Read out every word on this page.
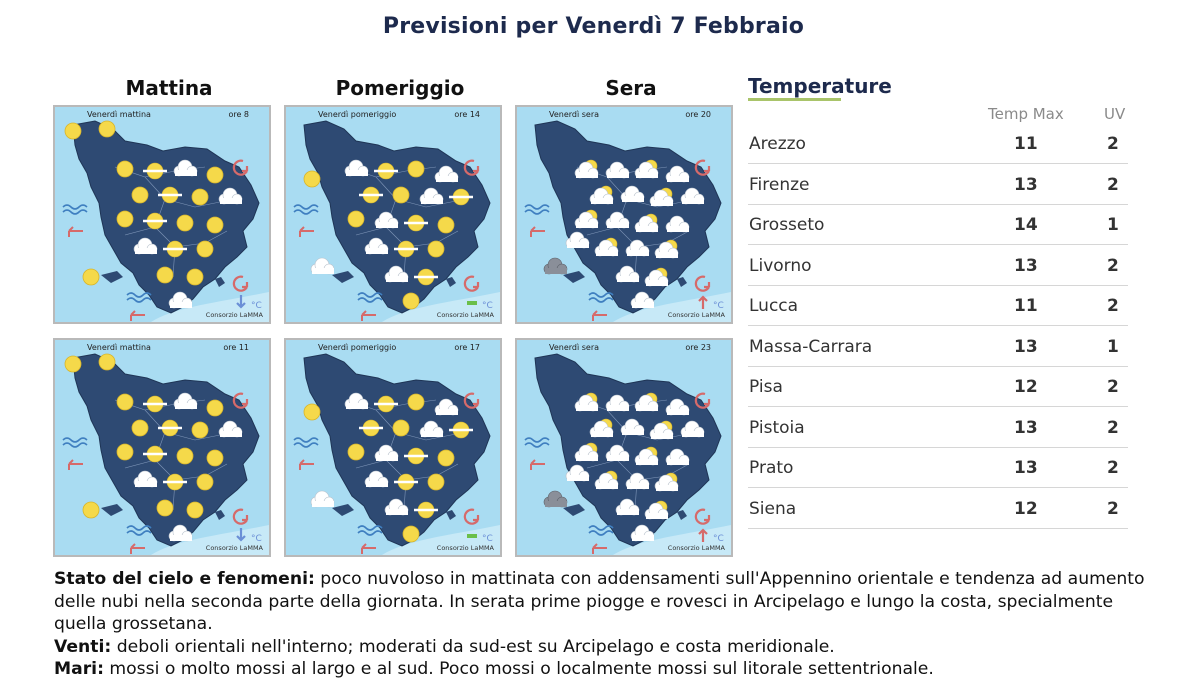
Previsioni per Venerdì 7 Febbraio
Mattina	Pomeriggio	Sera
°C
Venerdì mattina	ore 8
Consorzio LaMMA
°C
Venerdì pomeriggio	ore 14
Consorzio LaMMA
°C
Venerdì sera	ore 20
Consorzio LaMMA
°C
Venerdì mattina	ore 11
Consorzio LaMMA
°C
Venerdì pomeriggio	ore 17
Consorzio LaMMA
°C
Venerdì sera	ore 23
Consorzio LaMMA
Temperature
Temp Max	UV
Arezzo	11	2
Firenze	13	2
Grosseto	14	1
Livorno	13	2
Lucca	11	2
Massa-Carrara	13	1
Pisa	12	2
Pistoia	13	2
Prato	13	2
Siena	12	2

Stato del cielo e fenomeni: poco nuvoloso in mattinata con addensamenti sull'Appennino orientale e tendenza ad aumento delle nubi nella seconda parte della giornata. In serata prime piogge e rovesci in Arcipelago e lungo la costa, specialmente quella grossetana.

Venti: deboli orientali nell'interno; moderati da sud-est su Arcipelago e costa meridionale.

Mari: mossi o molto mossi al largo e al sud. Poco mossi o localmente mossi sul litorale settentrionale.
